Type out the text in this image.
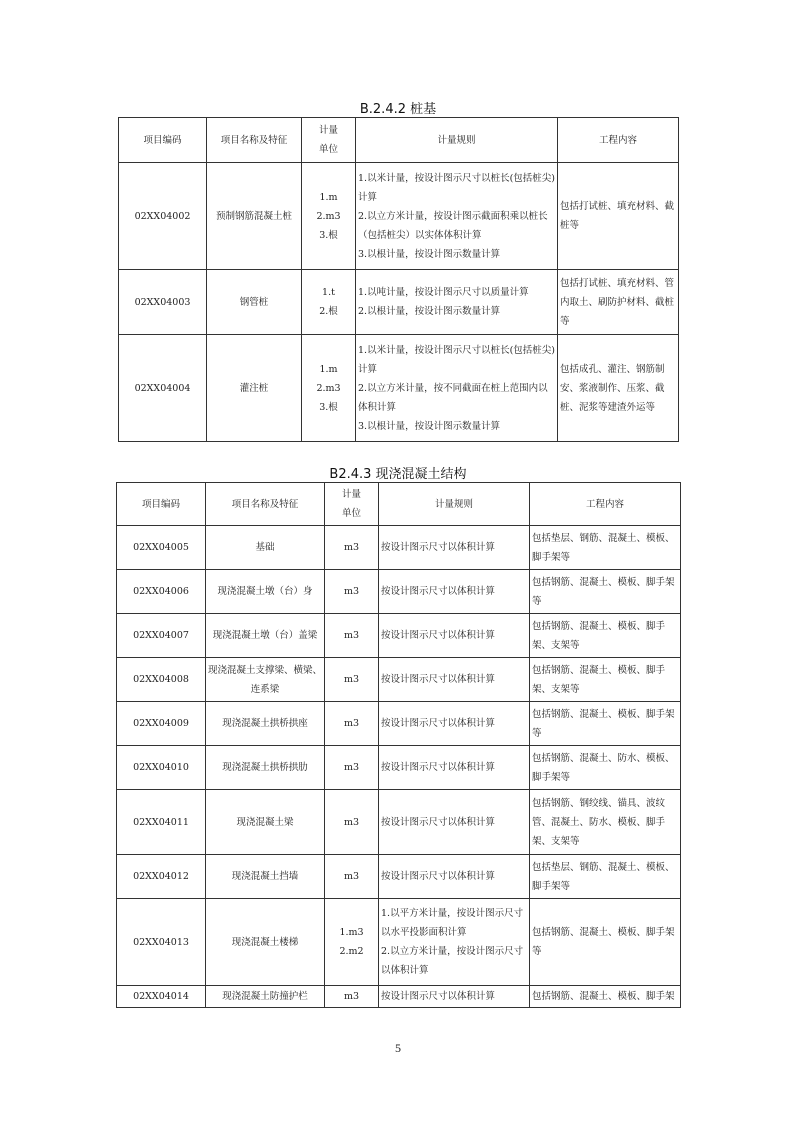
B.2.4.2 桩基
项目编码	项目名称及特征	计量
单位	计量规则	工程内容
02XX04002	预制钢筋混凝土桩	1.m
2.m3
3.根	1.以米计量，按设计图示尺寸以桩长(包括桩尖)计算
2.以立方米计量，按设计图示截面积乘以桩长（包括桩尖）以实体体积计算
3.以根计量，按设计图示数量计算	包括打试桩、填充材料、截桩等
02XX04003	钢管桩	1.t
2.根	1.以吨计量，按设计图示尺寸以质量计算
2.以根计量，按设计图示数量计算	包括打试桩、填充材料、管内取土、刷防护材料、截桩等
02XX04004	灌注桩	1.m
2.m3
3.根	1.以米计量，按设计图示尺寸以桩长(包括桩尖)计算
2.以立方米计量，按不同截面在桩上范围内以体积计算
3.以根计量，按设计图示数量计算	包括成孔、灌注、钢筋制安、浆液制作、压浆、截桩、泥浆等建渣外运等
B2.4.3 现浇混凝土结构
项目编码	项目名称及特征	计量
单位	计量规则	工程内容
02XX04005	基础	m3	按设计图示尺寸以体积计算	包括垫层、钢筋、混凝土、模板、脚手架等
02XX04006	现浇混凝土墩（台）身	m3	按设计图示尺寸以体积计算	包括钢筋、混凝土、模板、脚手架等
02XX04007	现浇混凝土墩（台）盖梁	m3	按设计图示尺寸以体积计算	包括钢筋、混凝土、模板、脚手架、支架等
02XX04008	现浇混凝土支撑梁、横梁、连系梁	m3	按设计图示尺寸以体积计算	包括钢筋、混凝土、模板、脚手架、支架等
02XX04009	现浇混凝土拱桥拱座	m3	按设计图示尺寸以体积计算	包括钢筋、混凝土、模板、脚手架等
02XX04010	现浇混凝土拱桥拱肋	m3	按设计图示尺寸以体积计算	包括钢筋、混凝土、防水、模板、脚手架等
02XX04011	现浇混凝土梁	m3	按设计图示尺寸以体积计算	包括钢筋、钢绞线、锚具、波纹管、混凝土、防水、模板、脚手架、支架等
02XX04012	现浇混凝土挡墙	m3	按设计图示尺寸以体积计算	包括垫层、钢筋、混凝土、模板、脚手架等
02XX04013	现浇混凝土楼梯	1.m3
2.m2	1.以平方米计量，按设计图示尺寸以水平投影面积计算
2.以立方米计量，按设计图示尺寸以体积计算	包括钢筋、混凝土、模板、脚手架等
02XX04014	现浇混凝土防撞护栏	m3	按设计图示尺寸以体积计算	包括钢筋、混凝土、模板、脚手架
5
